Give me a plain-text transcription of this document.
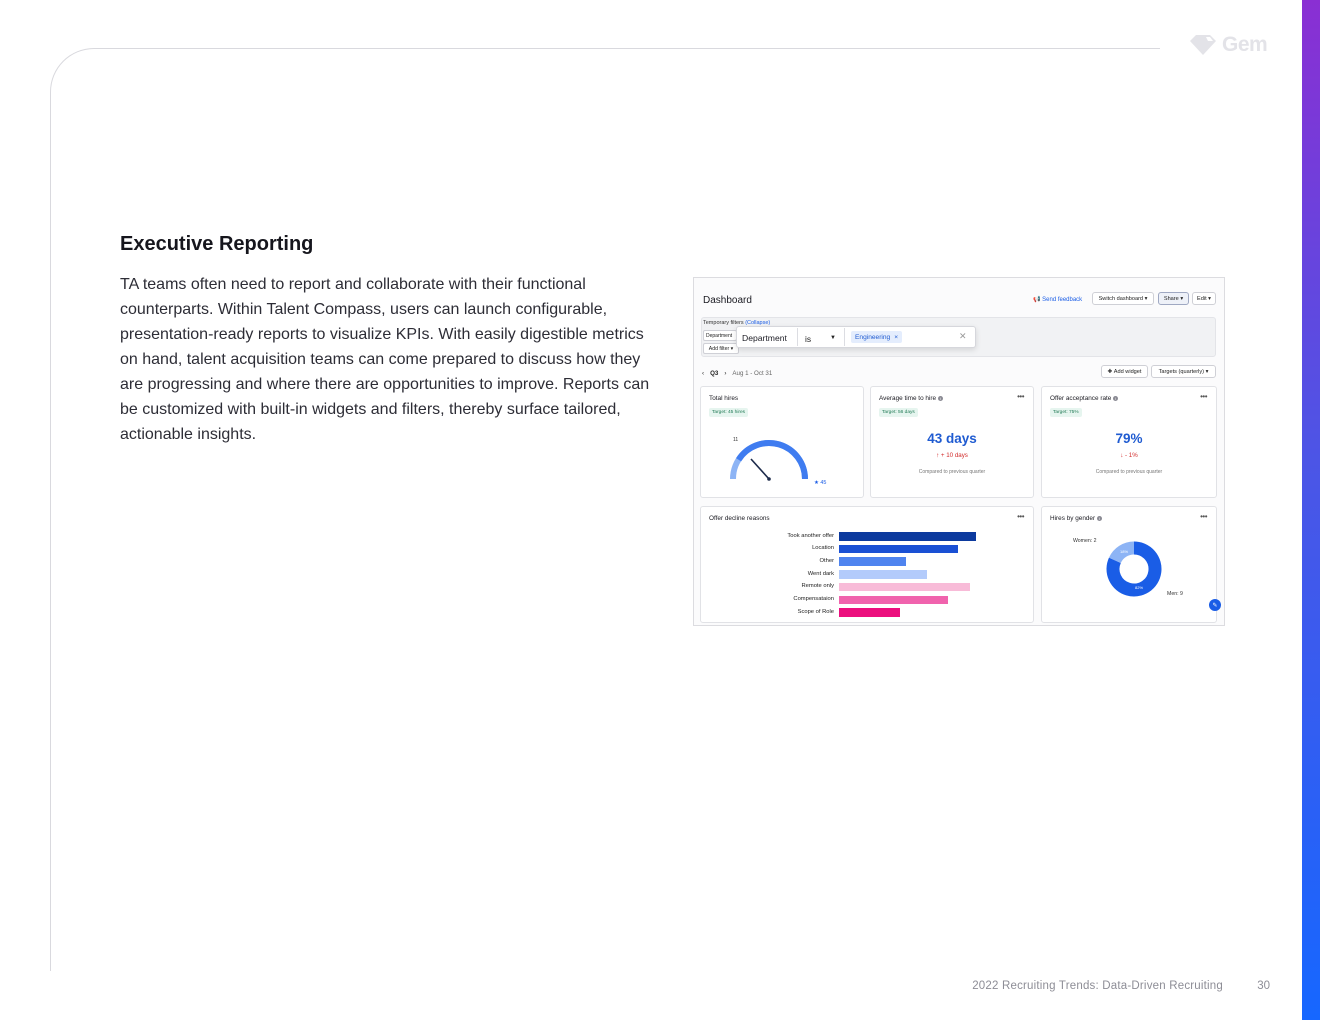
Gem
Executive Reporting

TA teams often need to report and collaborate with their functional counterparts. Within Talent Compass, users can launch configurable, presentation-ready reports to visualize KPIs. With easily digestible metrics on hand, talent acquisition teams can come prepared to discuss how they are progressing and where there are opportunities to improve. Reports can be customized with built-in widgets and filters, thereby surface tailored, actionable insights.

Dashboard	📢 Send feedback	Switch dashboard ▾	Share ▾	Edit ▾
Temporary filters (Collapse)
Department
Add filter ▾
Department is	▼	Engineering ×	✕
‹ Q3 › Aug 1 - Oct 31	✚ Add widget	Targets (quarterly) ▾
Total hires
Target: 45 hires
11
★ 45
Average time to hire i	•••
Target: 56 days
43 days
↑ + 10 days
Compared to previous quarter
Offer acceptance rate i	•••
Target: 75%
79%
↓ - 1%
Compared to previous quarter
Offer decline reasons	•••
Took another offer
Location
Other
Went dark
Remote only
Compensataion
Scope of Role
Hires by gender i	•••
18%
82%
Women: 2
Men: 9
✎
2022 Recruiting Trends: Data-Driven Recruiting	30
